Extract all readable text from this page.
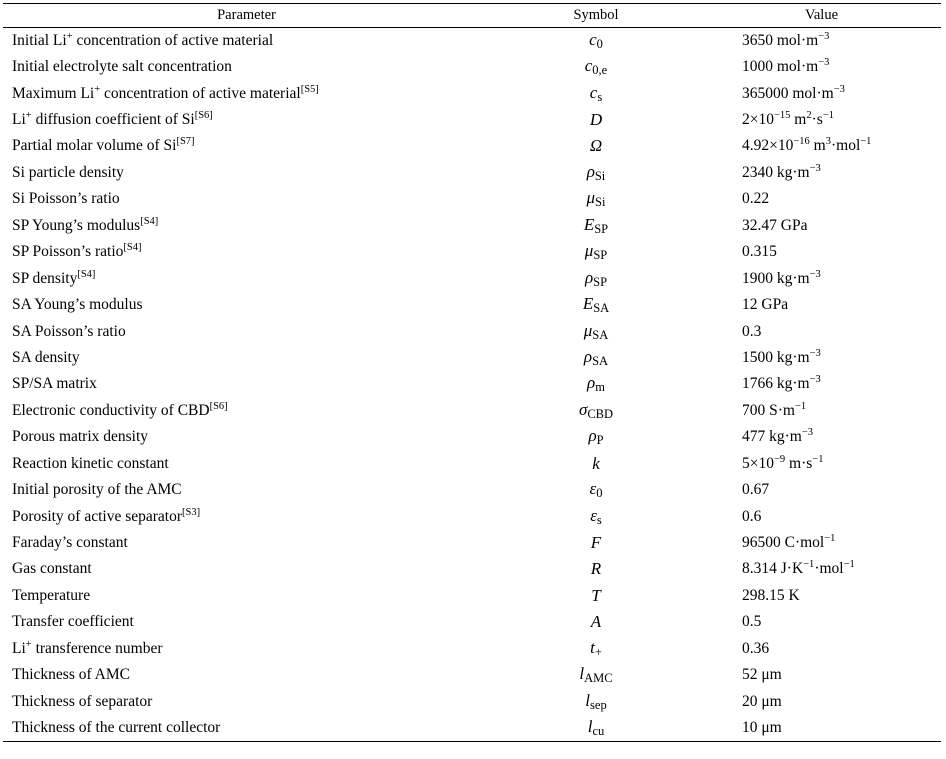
Parameter	Symbol	Value
Initial Li+ concentration of active material	c0	3650 $mol\cdot m^{-3}$
Initial electrolyte salt concentration	c0,e	1000 $mol\cdot m^{-3}$
Maximum Li+ concentration of active material[S5]	cs	365000 $mol\cdot m^{-3}$
Li+ diffusion coefficient of Si[S6]	D	$2\times 10^{-15}$ $m^2\cdot s^{-1}$
Partial molar volume of Si[S7]	Ω	$4.92\times 10^{-16}$ $m^3\cdot mol^{-1}$
Si particle density	ρSi	2340 $kg\cdot m^{-3}$
Si Poisson’s ratio	μSi	0.22
SP Young’s modulus[S4]	ESP	32.47 GPa
SP Poisson’s ratio[S4]	μSP	0.315
SP density[S4]	ρSP	1900 $kg\cdot m^{-3}$
SA Young’s modulus	ESA	12 GPa
SA Poisson’s ratio	μSA	0.3
SA density	ρSA	1500 $kg\cdot m^{-3}$
SP/SA matrix	ρm	1766 $kg\cdot m^{-3}$
Electronic conductivity of CBD[S6]	σCBD	700 $S\cdot m^{-1}$
Porous matrix density	ρP	477 $kg\cdot m^{-3}$
Reaction kinetic constant	k	$5\times 10^{-9}$ $m\cdot s^{-1}$
Initial porosity of the AMC	ε0	0.67
Porosity of active separator[S3]	εs	0.6
Faraday’s constant	F	96500 C·mol$^{-1}$
Gas constant	R	8.314 $J\cdot K^{-1}\cdot mol^{-1}$
Temperature	T	298.15 K
Transfer coefficient	A	0.5
Li+ transference number	t+	0.36
Thickness of AMC	lAMC	52 μm
Thickness of separator	lsep	20 μm
Thickness of the current collector	lcu	10 μm
